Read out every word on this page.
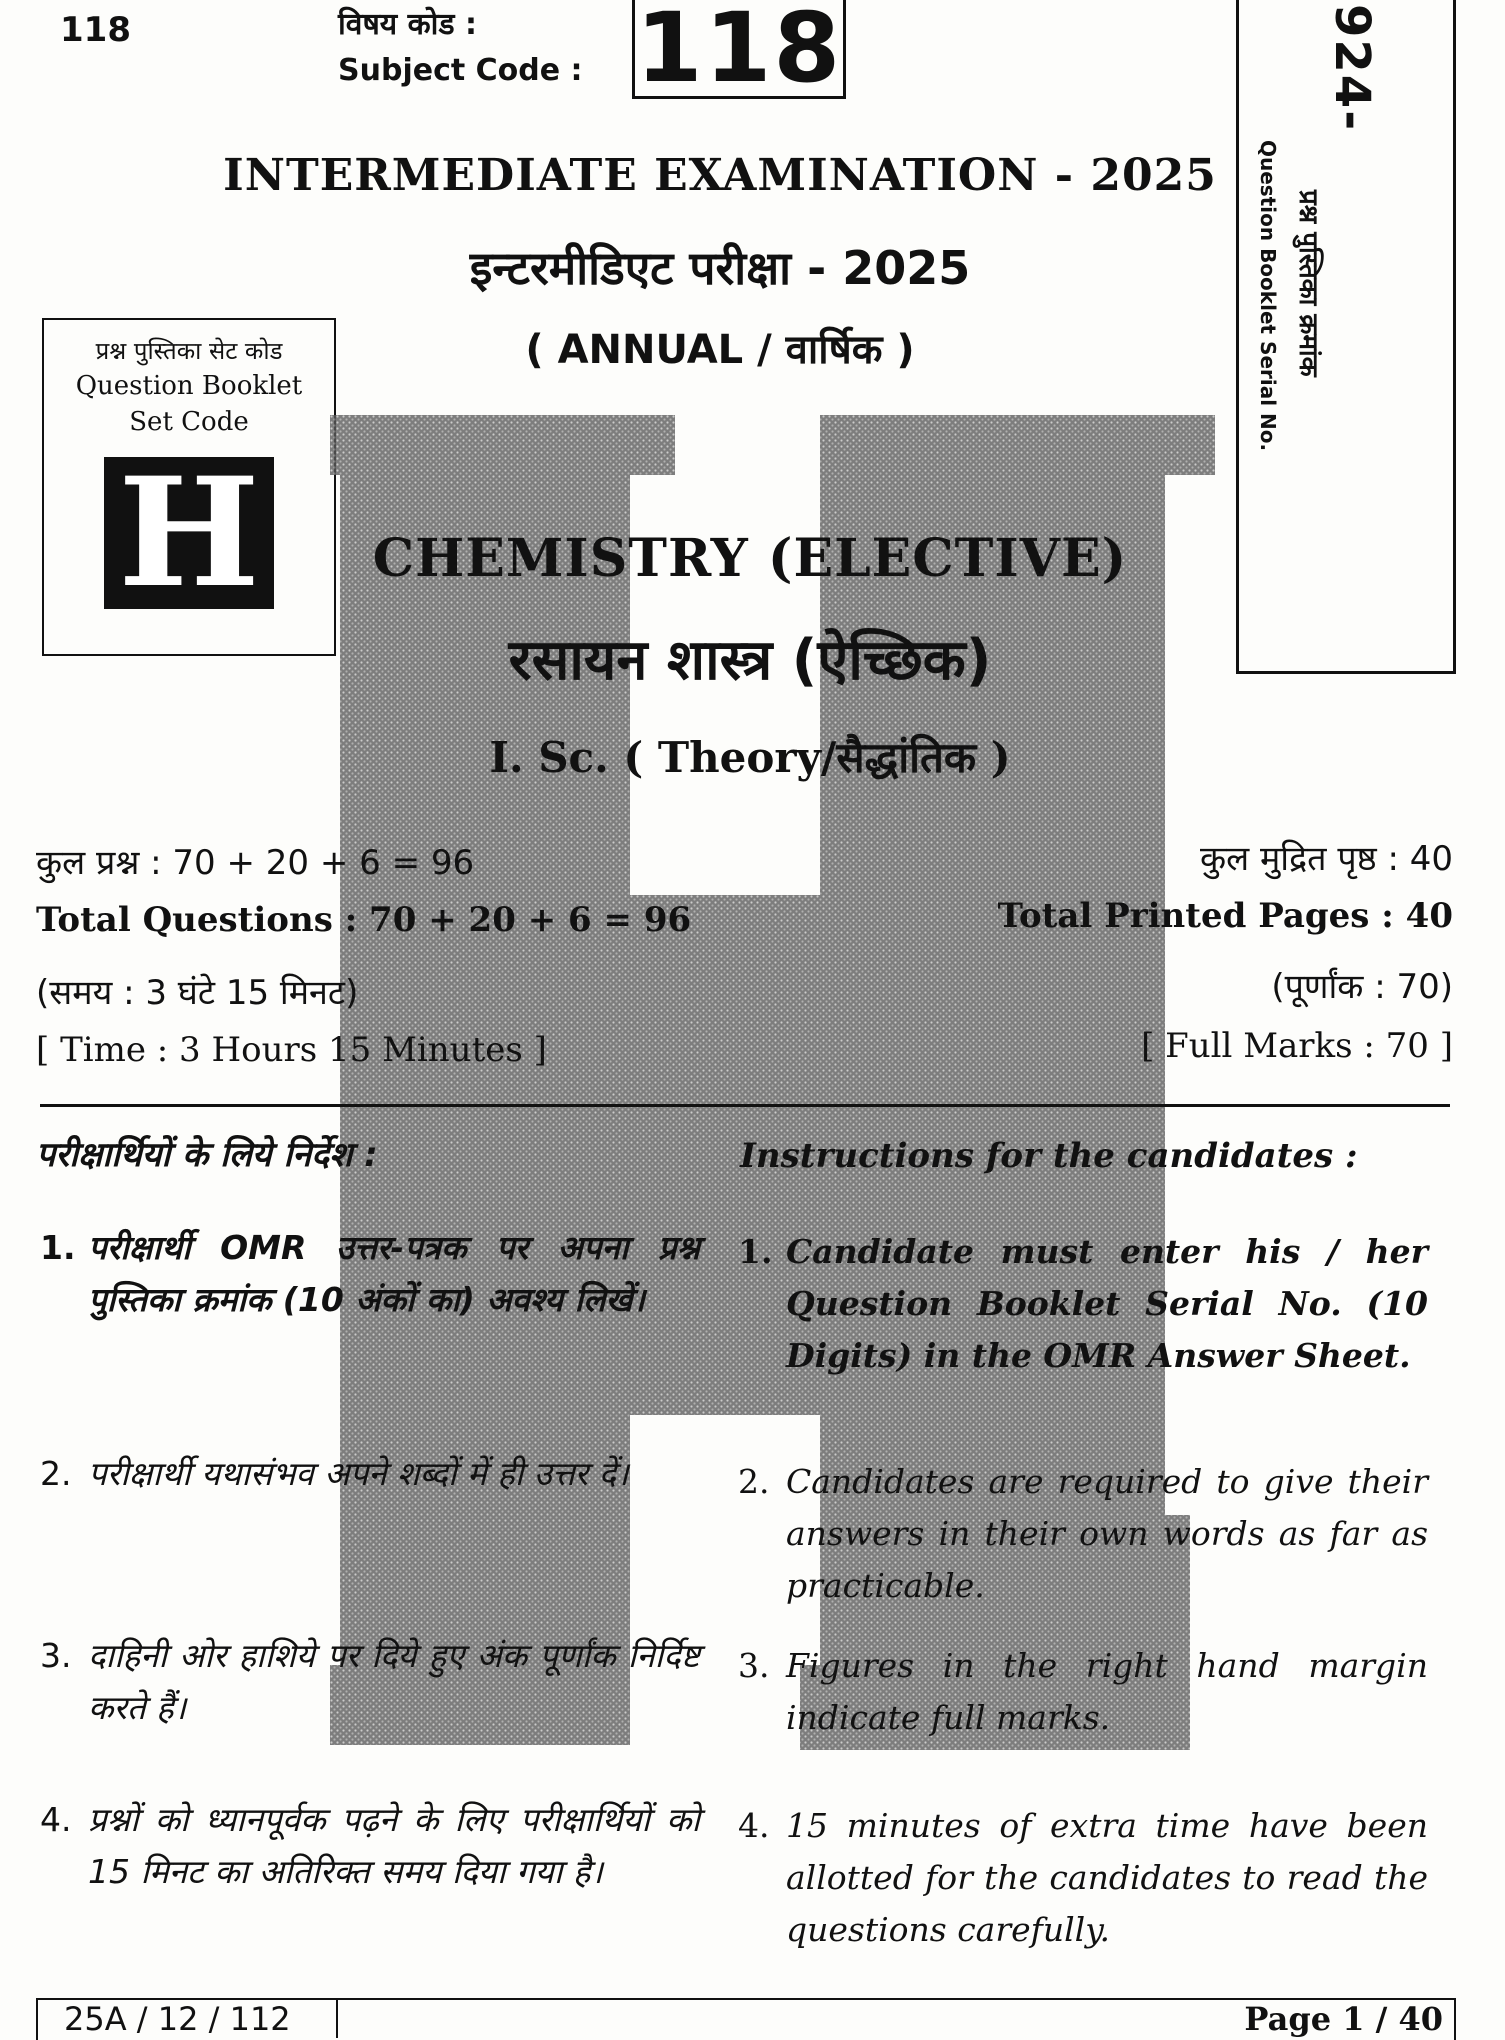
118	विषय कोड :
Subject Code : 118	924-
प्रश्न पुस्तिका क्रमांक
Question Booklet Serial No.
INTERMEDIATE EXAMINATION - 2025
इन्टरमीडिएट परीक्षा - 2025
( ANNUAL / वार्षिक )
प्रश्न पुस्तिका सेट कोड
Question Booklet
Set Code
H	CHEMISTRY (ELECTIVE)
रसायन शास्त्र (ऐच्छिक)
I. Sc. ( Theory/सैद्धांतिक )
कुल प्रश्न : 70 + 20 + 6 = 96
Total Questions : 70 + 20 + 6 = 96
(समय : 3 घंटे 15 मिनट)
[ Time : 3 Hours 15 Minutes ]
कुल मुद्रित पृष्ठ : 40
Total Printed Pages : 40
(पूर्णांक : 70)
[ Full Marks : 70 ]
परीक्षार्थियों के लिये निर्देश :	Instructions for the candidates :
1. परीक्षार्थी OMR उत्तर-पत्रक पर अपना प्रश्न पुस्तिका क्रमांक (10 अंकों का) अवश्य लिखें।
2. परीक्षार्थी यथासंभव अपने शब्दों में ही उत्तर दें।
3. दाहिनी ओर हाशिये पर दिये हुए अंक पूर्णांक निर्दिष्ट करते हैं।
4. प्रश्नों को ध्यानपूर्वक पढ़ने के लिए परीक्षार्थियों को 15 मिनट का अतिरिक्त समय दिया गया है।
1. Candidate must enter his / her Question Booklet Serial No. (10 Digits) in the OMR Answer Sheet.
2. Candidates are required to give their answers in their own words as far as practicable.
3. Figures in the right hand margin indicate full marks.
4. 15 minutes of extra time have been allotted for the candidates to read the questions carefully.
25A / 12 / 112	Page 1 / 40
